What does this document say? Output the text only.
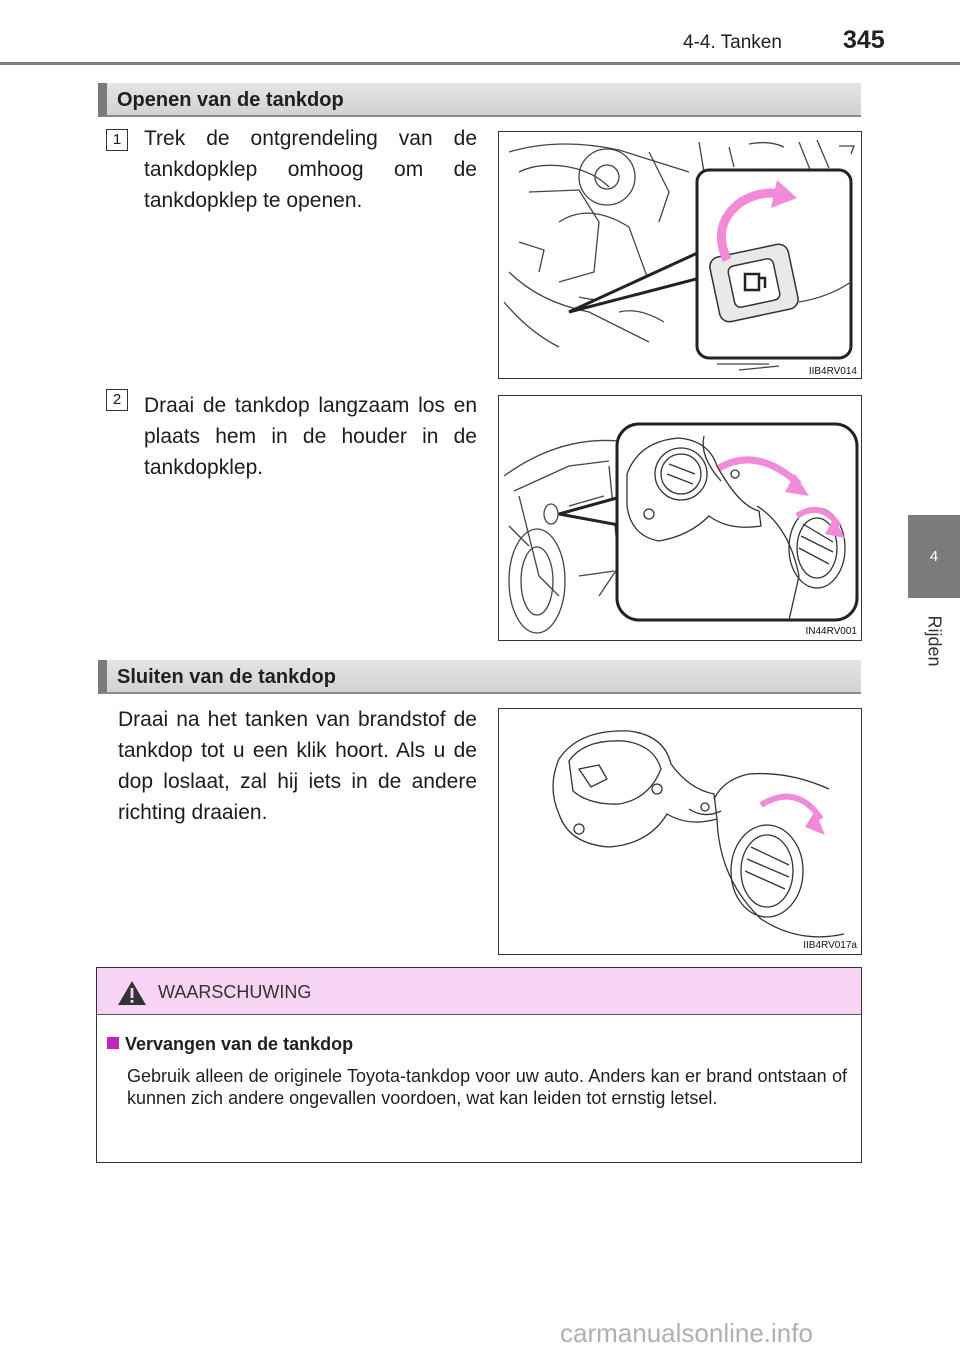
4-4. Tanken 345
4
Rijden
Openen van de tankdop
1	Trek de ontgrendeling van de tankdopklep omhoog om de tankdopklep te openen.
IIB4RV014
2	Draai de tankdop langzaam los en plaats hem in de houder in de tankdopklep.
IN44RV001
Sluiten van de tankdop
Draai na het tanken van brandstof de tankdop tot u een klik hoort. Als u de dop loslaat, zal hij iets in de andere richting draaien.
IIB4RV017a
WAARSCHUWING
Vervangen van de tankdop
Gebruik alleen de originele Toyota-tankdop voor uw auto. Anders kan er brand ontstaan of kunnen zich andere ongevallen voordoen, wat kan leiden tot ernstig letsel.
carmanualsonline.info
